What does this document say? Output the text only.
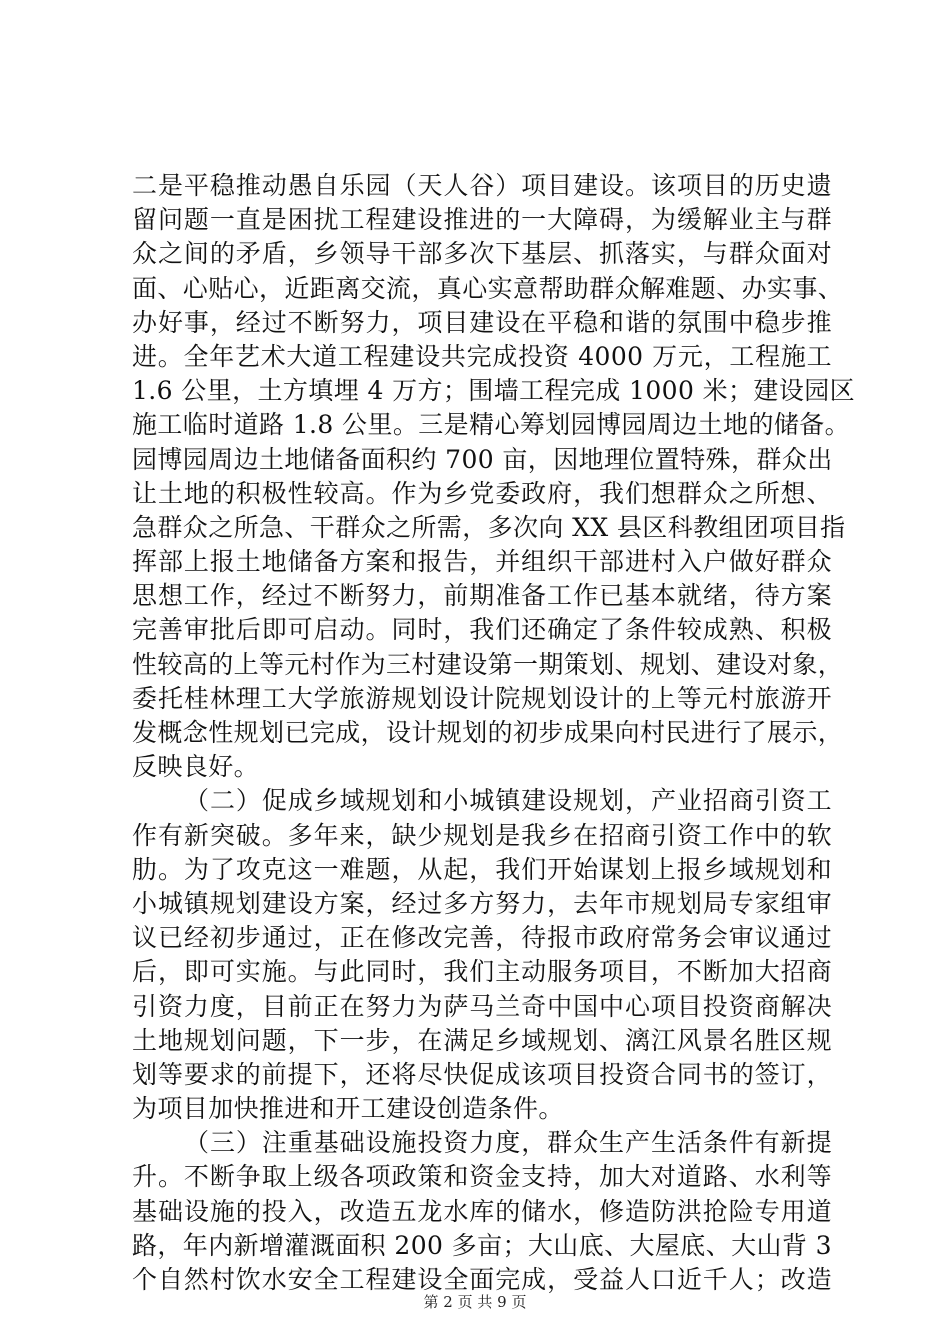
二是平稳推动愚自乐园（天人谷）项目建设。该项目的历史遗
留问题一直是困扰工程建设推进的一大障碍，为缓解业主与群
众之间的矛盾，乡领导干部多次下基层、抓落实，与群众面对
面、心贴心，近距离交流，真心实意帮助群众解难题、办实事、
办好事，经过不断努力，项目建设在平稳和谐的氛围中稳步推
进。全年艺术大道工程建设共完成投资 4000 万元，工程施工
1.6 公里，土方填埋 4 万方；围墙工程完成 1000 米；建设园区
施工临时道路 1.8 公里。三是精心筹划园博园周边土地的储备。
园博园周边土地储备面积约 700 亩，因地理位置特殊，群众出
让土地的积极性较高。作为乡党委政府，我们想群众之所想、
急群众之所急、干群众之所需，多次向 XX 县区科教组团项目指
挥部上报土地储备方案和报告，并组织干部进村入户做好群众
思想工作，经过不断努力，前期准备工作已基本就绪，待方案
完善审批后即可启动。同时，我们还确定了条件较成熟、积极
性较高的上等元村作为三村建设第一期策划、规划、建设对象，
委托桂林理工大学旅游规划设计院规划设计的上等元村旅游开
发概念性规划已完成，设计规划的初步成果向村民进行了展示，
反映良好。
（二）促成乡域规划和小城镇建设规划，产业招商引资工
作有新突破。多年来，缺少规划是我乡在招商引资工作中的软
肋。为了攻克这一难题，从起，我们开始谋划上报乡域规划和
小城镇规划建设方案，经过多方努力，去年市规划局专家组审
议已经初步通过，正在修改完善，待报市政府常务会审议通过
后，即可实施。与此同时，我们主动服务项目，不断加大招商
引资力度，目前正在努力为萨马兰奇中国中心项目投资商解决
土地规划问题，下一步，在满足乡域规划、漓江风景名胜区规
划等要求的前提下，还将尽快促成该项目投资合同书的签订，
为项目加快推进和开工建设创造条件。
（三）注重基础设施投资力度，群众生产生活条件有新提
升。不断争取上级各项政策和资金支持，加大对道路、水利等
基础设施的投入，改造五龙水库的储水，修造防洪抢险专用道
路，年内新增灌溉面积 200 多亩；大山底、大屋底、大山背 3
个自然村饮水安全工程建设全面完成，受益人口近千人；改造
第 2 页 共 9 页
